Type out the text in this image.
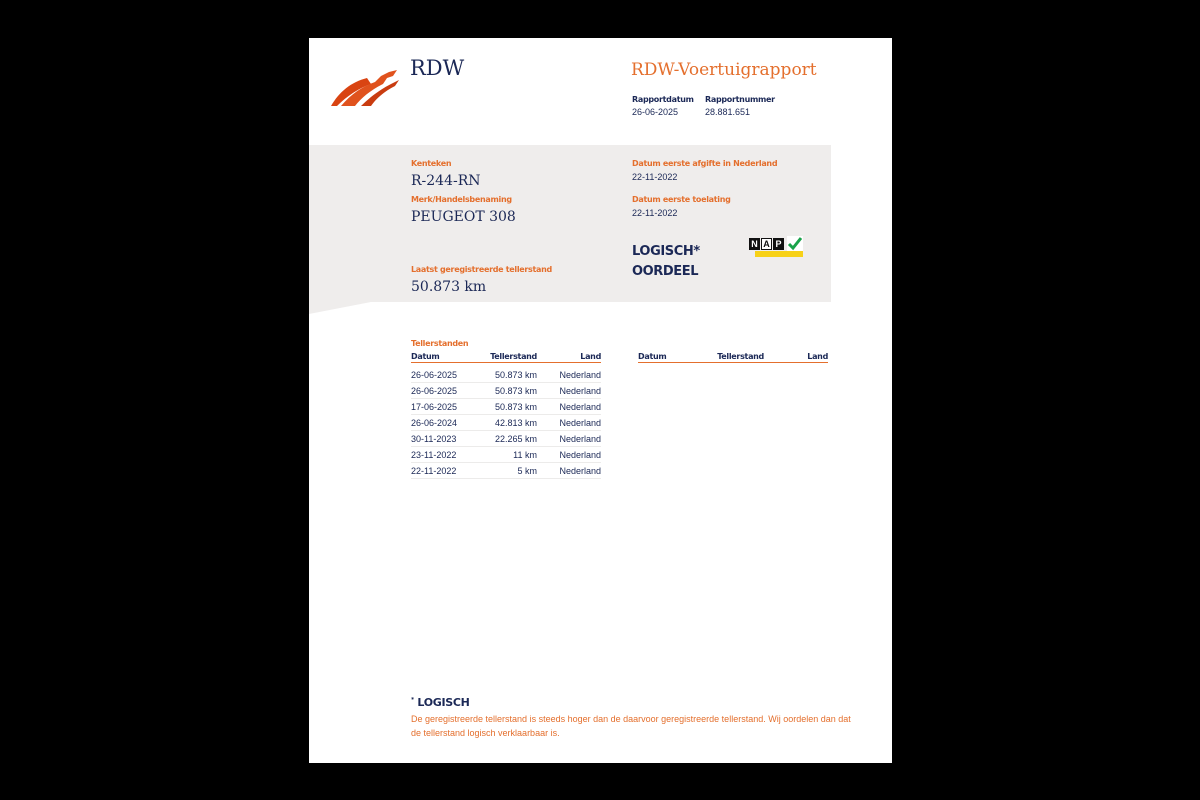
RDW	RDW-Voertuigrapport
Rapportdatum
26-06-2025
Rapportnummer
28.881.651
Kenteken
R-244-RN
Merk/Handelsbenaming
PEUGEOT 308
Laatst geregistreerde tellerstand
50.873 km
Datum eerste afgifte in Nederland
22-11-2022
Datum eerste toelating
22-11-2022
LOGISCH*
OORDEEL
N A P
Tellerstanden
Datum	Tellerstand	Land
26-06-2025	50.873 km	Nederland
26-06-2025	50.873 km	Nederland
17-06-2025	50.873 km	Nederland
26-06-2024	42.813 km	Nederland
30-11-2023	22.265 km	Nederland
23-11-2022	11 km	Nederland
22-11-2022	5 km	Nederland
Datum	Tellerstand	Land
* LOGISCH
De geregistreerde tellerstand is steeds hoger dan de daarvoor geregistreerde tellerstand. Wij oordelen dan dat de tellerstand logisch verklaarbaar is.
